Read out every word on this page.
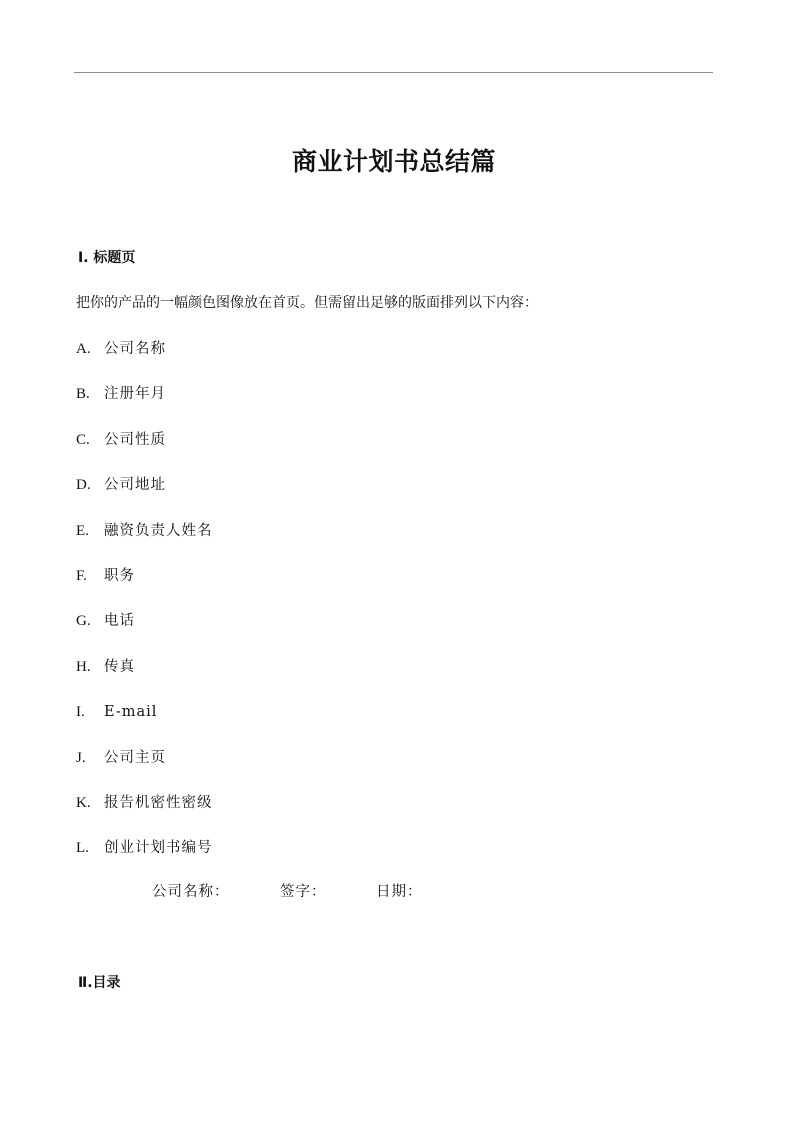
商业计划书总结篇
Ⅰ. 标题页
把你的产品的一幅颜色图像放在首页。但需留出足够的版面排列以下内容：
A. 公司名称
B. 注册年月
C. 公司性质
D. 公司地址
E. 融资负责人姓名
F. 职务
G. 电话
H. 传真
I. E-mail
J. 公司主页
K. 报告机密性密级
L. 创业计划书编号
公司名称：	签字：	日期：
Ⅱ.目录
